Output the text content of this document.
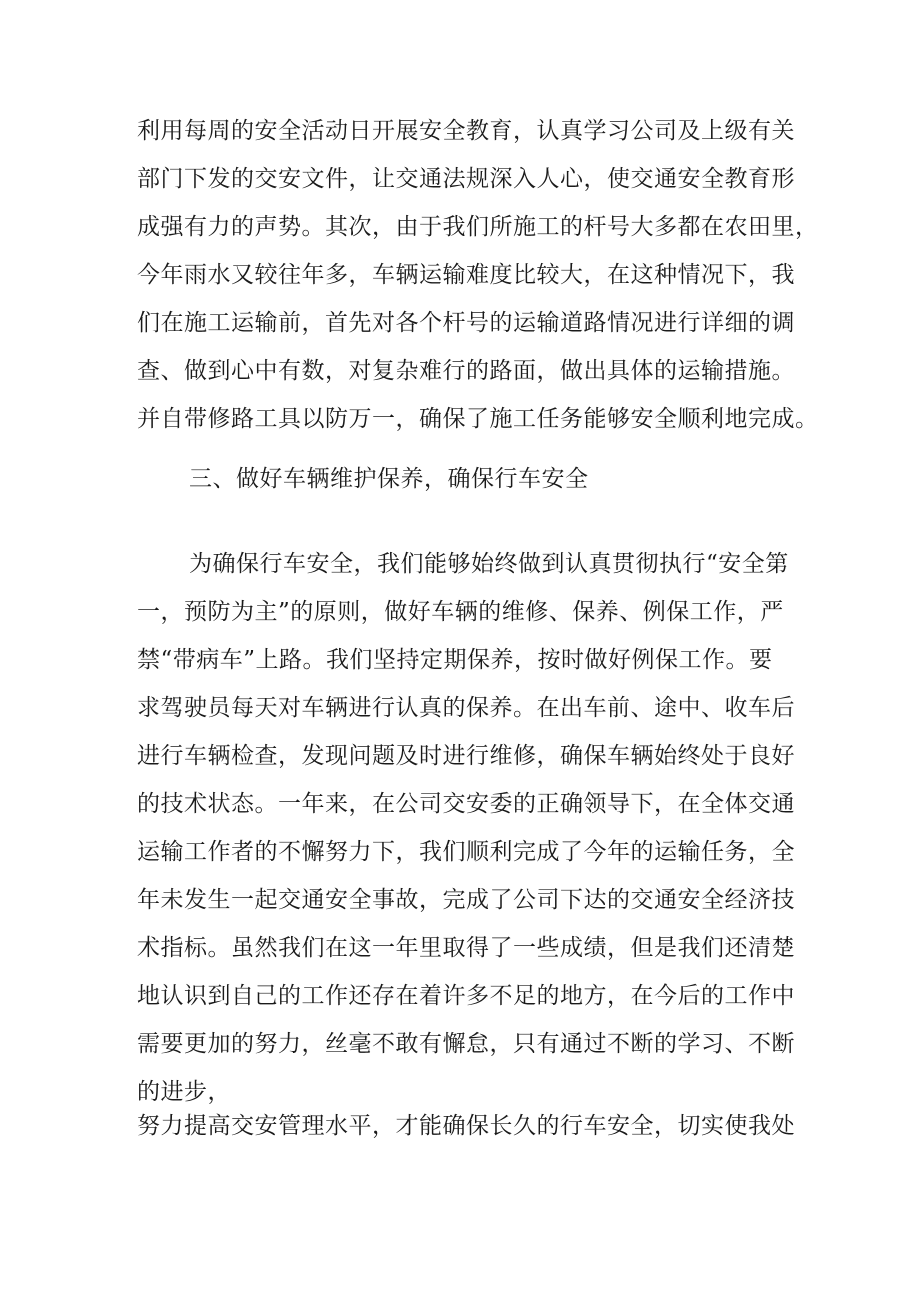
利用每周的安全活动日开展安全教育，认真学习公司及上级有关
部门下发的交安文件，让交通法规深入人心，使交通安全教育形
成强有力的声势。其次，由于我们所施工的杆号大多都在农田里，
今年雨水又较往年多，车辆运输难度比较大，在这种情况下，我
们在施工运输前，首先对各个杆号的运输道路情况进行详细的调
查、做到心中有数，对复杂难行的路面，做出具体的运输措施。
并自带修路工具以防万一，确保了施工任务能够安全顺利地完成。
三、做好车辆维护保养，确保行车安全
为确保行车安全，我们能够始终做到认真贯彻执行“安全第
一，预防为主”的原则，做好车辆的维修、保养、例保工作，严
禁“带病车”上路。我们坚持定期保养，按时做好例保工作。要
求驾驶员每天对车辆进行认真的保养。在出车前、途中、收车后
进行车辆检查，发现问题及时进行维修，确保车辆始终处于良好
的技术状态。一年来，在公司交安委的正确领导下，在全体交通
运输工作者的不懈努力下，我们顺利完成了今年的运输任务，全
年未发生一起交通安全事故，完成了公司下达的交通安全经济技
术指标。虽然我们在这一年里取得了一些成绩，但是我们还清楚
地认识到自己的工作还存在着许多不足的地方，在今后的工作中
需要更加的努力，丝毫不敢有懈怠，只有通过不断的学习、不断
的进步，
努力提高交安管理水平，才能确保长久的行车安全，切实使我处
